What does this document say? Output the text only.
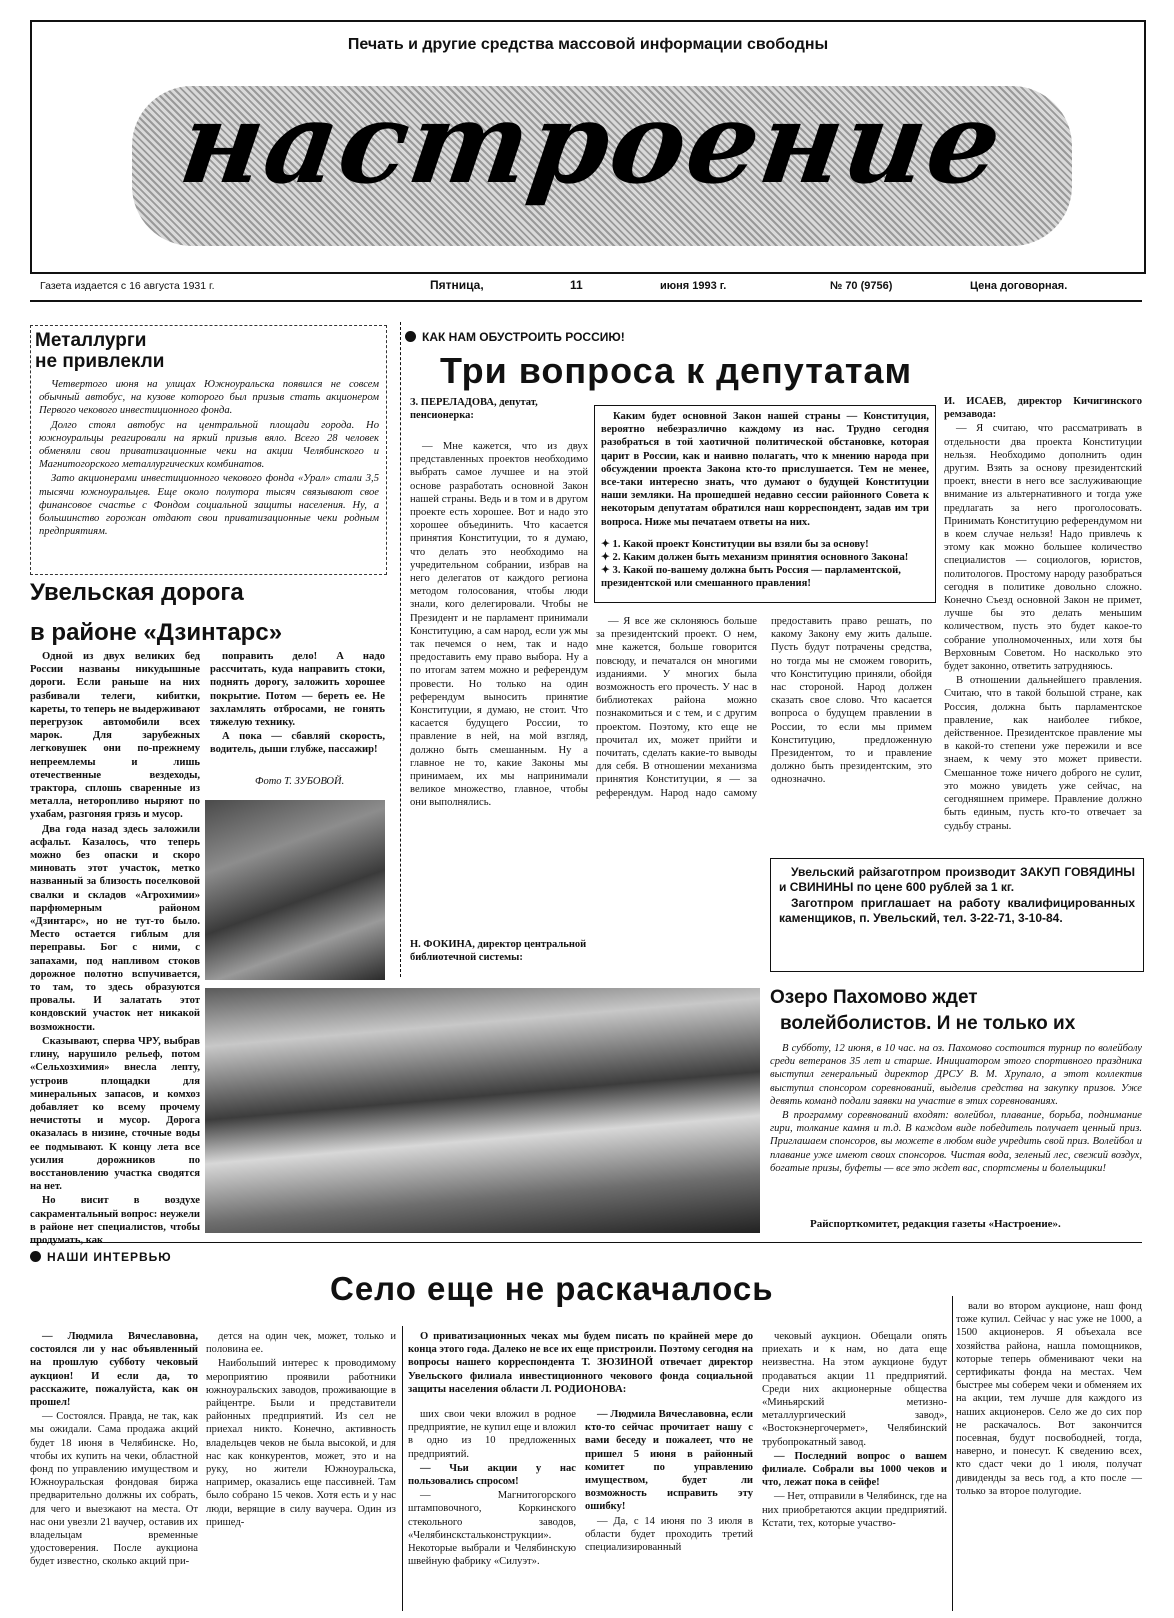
Печать и другие средства массовой информации свободны
настроение
Газета издается с 16 августа 1931 г.	Пятница,	11	июня 1993 г.	№ 70 (9756)	Цена договорная.
Металлурги
не привлекли

Четвертого июня на улицах Южноуральска появился не совсем обычный автобус, на кузове которого был призыв стать акционером Первого чекового инвестиционного фонда.

Долго стоял автобус на центральной площади города. Но южноуральцы реагировали на яркий призыв вяло. Всего 28 человек обменяли свои приватизационные чеки на акции Челябинского и Магнитогорского металлургических комбинатов.

Зато акционерами инвестиционного чекового фонда «Урал» стали 3,5 тысячи южноуральцев. Еще около полутора тысяч связывают свое финансовое счастье с Фондом социальной защиты населения. Ну, а большинство горожан отдают свои приватизационные чеки родным предприятиям.

Увельская дорога
в районе «Дзинтарс»

Одной из двух великих бед России названы никудышные дороги. Если раньше на них разбивали телеги, кибитки, кареты, то теперь не выдерживают перегрузок автомобили всех марок. Для зарубежных легковушек они по-прежнему непреемлемы и лишь отечественные вездеходы, трактора, сплошь сваренные из металла, неторопливо ныряют по ухабам, разгоняя грязь и мусор.

Два года назад здесь заложили асфальт. Казалось, что теперь можно без опаски и скоро миновать этот участок, метко названный за близость поселковой свалки и складов «Агрохимии» парфюмерным районом «Дзинтарс», но не тут-то было. Место остается гиблым для переправы. Бог с ними, с запахами, под напливом стоков дорожное полотно вспучивается, то там, то здесь образуются провалы. И залатать этот кондовский участок нет никакой возможности.

Сказывают, сперва ЧРУ, выбрав глину, нарушило рельеф, потом «Сельхозхимия» внесла лепту, устроив площадки для минеральных запасов, и комхоз добавляет ко всему прочему нечистоты и мусор. Дорога оказалась в низине, сточные воды ее подмывают. К концу лета все усилия дорожников по восстановлению участка сводятся на нет.

Но висит в воздухе сакраментальный вопрос: неужели в районе нет специалистов, чтобы продумать, как

поправить дело! А надо рассчитать, куда направить стоки, поднять дорогу, заложить хорошее покрытие. Потом — береть ее. Не захламлять отбросами, не гонять тяжелую технику.

А пока — сбавляй скорость, водитель, дыши глубже, пассажир!

Фото Т. ЗУБОВОЙ.
КАК НАМ ОБУСТРОИТЬ РОССИЮ!
Три вопроса к депутатам
З. ПЕРЕЛАДОВА, депутат, пенсионерка:

— Мне кажется, что из двух представленных проектов необходимо выбрать самое лучшее и на этой основе разработать основной Закон нашей страны. Ведь и в том и в другом проекте есть хорошее. Вот и надо это хорошее объединить. Что касается принятия Конституции, то я думаю, что делать это необходимо на учредительном собрании, избрав на него делегатов от каждого региона методом голосования, чтобы люди знали, кого делегировали. Чтобы не Президент и не парламент принимали Конституцию, а сам народ, если уж мы так печемся о нем, так и надо предоставить ему право выбора. Ну а по итогам затем можно и референдум провести. Но только на один референдум выносить принятие Конституции, я думаю, не стоит. Что касается будущего России, то правление в ней, на мой взгляд, должно быть смешанным. Ну а главное не то, какие Законы мы принимаем, их мы напринимали великое множество, главное, чтобы они выполнялись.

Н. ФОКИНА, директор центральной библиотечной системы:

Каким будет основной Закон нашей страны — Конституция, вероятно небезразлично каждому из нас. Трудно сегодня разобраться в той хаотичной политической обстановке, которая царит в России, как и наивно полагать, что к мнению народа при обсуждении проекта Закона кто-то прислушается. Тем не менее, все-таки интересно знать, что думают о будущей Конституции наши земляки. На прошедшей недавно сессии районного Совета к некоторым депутатам обратился наш корреспондент, задав им три вопроса. Ниже мы печатаем ответы на них.

✦ 1. Какой проект Конституции вы взяли бы за основу!
✦ 2. Каким должен быть механизм принятия основного Закона!
✦ 3. Какой по-вашему должна быть Россия — парламентской, президентской или смешанного правления!

— Я все же склоняюсь больше за президентский проект. О нем, мне кажется, больше говорится повсюду, и печатался он многими изданиями. У многих была возможность его прочесть. У нас в библиотеках района можно познакомиться и с тем, и с другим проектом. Поэтому, кто еще не прочитал их, может прийти и почитать, сделать какие-то выводы для себя. В отношении механизма принятия Конституции, я — за референдум. Народ надо самому предоставить право решать, по какому Закону ему жить дальше. Пусть будут потрачены средства, но тогда мы не сможем говорить, что Конституцию приняли, обойдя нас стороной. Народ должен сказать свое слово. Что касается вопроса о будущем правлении в России, то если мы примем Конституцию, предложенную Президентом, то и правление должно быть президентским, это однозначно.

И. ИСАЕВ, директор Кичигинского ремзавода:

— Я считаю, что рассматривать в отдельности два проекта Конституции нельзя. Необходимо дополнить один другим. Взять за основу президентский проект, внести в него все заслуживающие внимание из альтернативного и тогда уже предлагать за него проголосовать. Принимать Конституцию референдумом ни в коем случае нельзя! Надо привлечь к этому как можно большее количество специалистов — социологов, юристов, политологов. Простому народу разобраться сегодня в политике довольно сложно. Конечно Съезд основной Закон не примет, лучше бы это делать меньшим количеством, пусть это будет какое-то собрание уполномоченных, или хотя бы Верховным Советом. Но насколько это будет законно, ответить затрудняюсь.

В отношении дальнейшего правления. Считаю, что в такой большой стране, как Россия, должна быть парламентское правление, как наиболее гибкое, действенное. Президентское правление мы в какой-то степени уже пережили и все знаем, к чему это может привести. Смешанное тоже ничего доброго не сулит, это можно увидеть уже сейчас, на сегодняшнем примере. Правление должно быть единым, пусть кто-то отвечает за судьбу страны.

Увельский райзаготпром производит ЗАКУП ГОВЯДИНЫ и СВИНИНЫ по цене 600 рублей за 1 кг.

Заготпром приглашает на работу квалифицированных каменщиков, п. Увельский, тел. 3-22-71, 3-10-84.

Озеро Пахомово ждет
волейболистов. И не только их

В субботу, 12 июня, в 10 час. на оз. Пахомово состоится турнир по волейболу среди ветеранов 35 лет и старше. Инициатором этого спортивного праздника выступил генеральный директор ДРСУ В. М. Хрупало, а этот коллектив выступил спонсором соревнований, выделив средства на закупку призов. Уже девять команд подали заявки на участие в этих соревнованиях.

В программу соревнований входят: волейбол, плавание, борьба, поднимание гири, толкание камня и т.д. В каждом виде победитель получает ценный приз. Приглашаем спонсоров, вы можете в любом виде учредить свой приз. Волейбол и плавание уже имеют своих спонсоров. Чистая вода, зеленый лес, свежий воздух, богатые призы, буфеты — все это ждет вас, спортсмены и болельщики!

Райспорткомитет, редакция газеты «Настроение».
НАШИ ИНТЕРВЬЮ
Село еще не раскачалось

— Людмила Вячеславовна, состоялся ли у нас объявленный на прошлую субботу чековый аукцион! И если да, то расскажите, пожалуйста, как он прошел!

— Состоялся. Правда, не так, как мы ожидали. Сама продажа акций будет 18 июня в Челябинске. Но, чтобы их купить на чеки, областной фонд по управлению имуществом и Южноуральская фондовая биржа предварительно должны их собрать, для чего и выезжают на места. От нас они увезли 21 ваучер, оставив их владельцам временные удостоверения. После аукциона будет известно, сколько акций при-

дется на один чек, может, только и половина ее.

Наибольший интерес к проводимому мероприятию проявили работники южноуральских заводов, проживающие в райцентре. Были и представители районных предприятий. Из сел не приехал никто. Конечно, активность владельцев чеков не была высокой, и для нас как конкурентов, может, это и на руку, но жители Южноуральска, например, оказались еще пассивней. Там было собрано 15 чеков. Хотя есть и у нас люди, верящие в силу ваучера. Один из пришед-

О приватизационных чеках мы будем писать по крайней мере до конца этого года. Далеко не все их еще пристроили. Поэтому сегодня на вопросы нашего корреспондента Т. ЗЮЗИНОЙ отвечает директор Увельского филиала инвестиционного чекового фонда социальной защиты населения области Л. РОДИОНОВА:

ших свои чеки вложил в родное предприятие, не купил еще и вложил в одно из 10 предложенных предприятий.

— Чьи акции у нас пользовались спросом!

— Магнитогорского штамповочного, Коркинского стекольного заводов, «Челябинскстальконструкции». Некоторые выбрали и Челябинскую швейную фабрику «Силуэт».

— Людмила Вячеславовна, если кто-то сейчас прочитает нашу с вами беседу и пожалеет, что не пришел 5 июня в районный комитет по управлению имуществом, будет ли возможность исправить эту ошибку!

— Да, с 14 июня по 3 июля в области будет проходить третий специализированный

чековый аукцион. Обещали опять приехать и к нам, но дата еще неизвестна. На этом аукционе будут продаваться акции 11 предприятий. Среди них акционерные общества «Миньярский метизно-металлургический завод», «Востокэнергочермет», Челябинский трубопрокатный завод.

— Последний вопрос о вашем филиале. Собрали вы 1000 чеков и что, лежат пока в сейфе!

— Нет, отправили в Челябинск, где на них приобретаются акции предприятий. Кстати, тех, которые участво-

вали во втором аукционе, наш фонд тоже купил. Сейчас у нас уже не 1000, а 1500 акционеров. Я объехала все хозяйства района, нашла помощников, которые теперь обменивают чеки на сертификаты фонда на местах. Чем быстрее мы соберем чеки и обменяем их на акции, тем лучше для каждого из наших акционеров. Село же до сих пор не раскачалось. Вот закончится посевная, будут посвободней, тогда, наверно, и понесут. К сведению всех, кто сдаст чеки до 1 июля, получат дивиденды за весь год, а кто после — только за второе полугодие.
